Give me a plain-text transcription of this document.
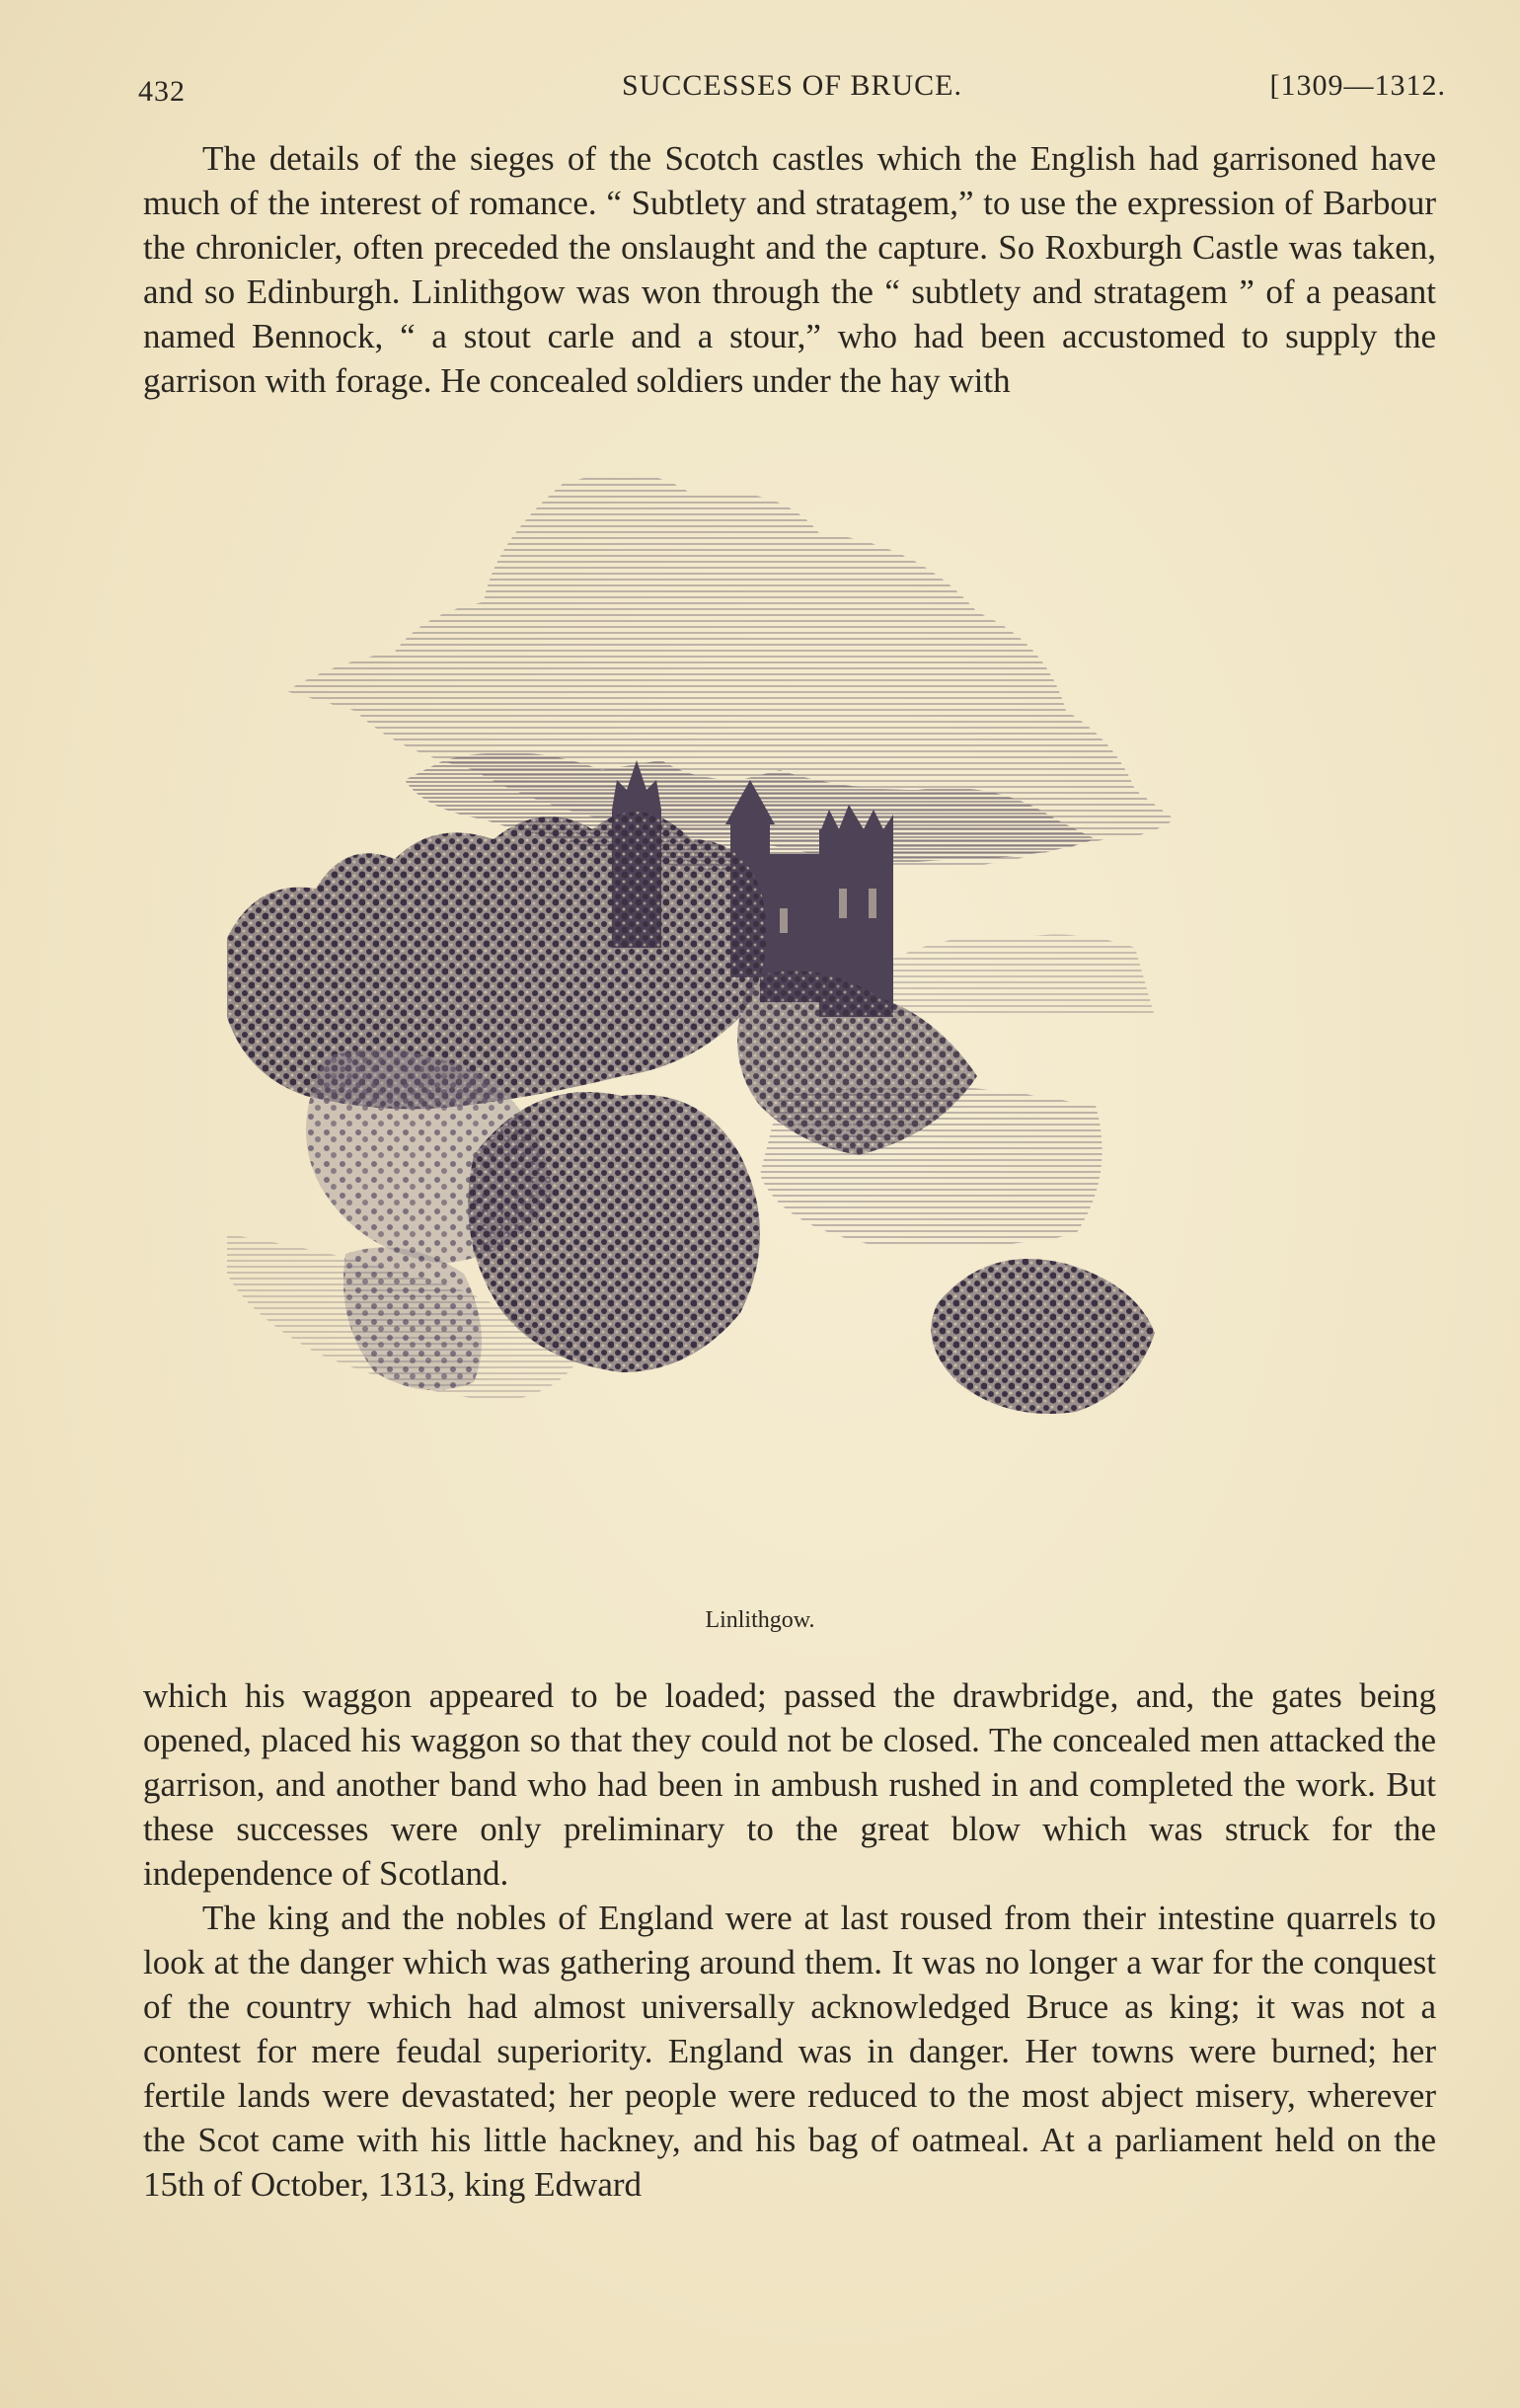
432	SUCCESSES OF BRUCE.	[1309—1312.

The details of the sieges of the Scotch castles which the English had garrisoned have much of the interest of romance. “ Subtlety and stratagem,” to use the expression of Barbour the chronicler, often preceded the onslaught and the capture. So Roxburgh Castle was taken, and so Edinburgh. Linlithgow was won through the “ subtlety and stratagem ” of a peasant named Bennock, “ a stout carle and a stour,” who had been accustomed to supply the garrison with forage. He concealed soldiers under the hay with

Linlithgow.

which his waggon appeared to be loaded; passed the drawbridge, and, the gates being opened, placed his waggon so that they could not be closed. The concealed men attacked the garrison, and another band who had been in ambush rushed in and completed the work. But these successes were only preliminary to the great blow which was struck for the independence of Scotland.

The king and the nobles of England were at last roused from their intestine quarrels to look at the danger which was gathering around them. It was no longer a war for the conquest of the country which had almost universally acknowledged Bruce as king; it was not a contest for mere feudal superiority. England was in danger. Her towns were burned; her fertile lands were devastated; her people were reduced to the most abject misery, wherever the Scot came with his little hackney, and his bag of oatmeal. At a parliament held on the 15th of October, 1313, king Edward
